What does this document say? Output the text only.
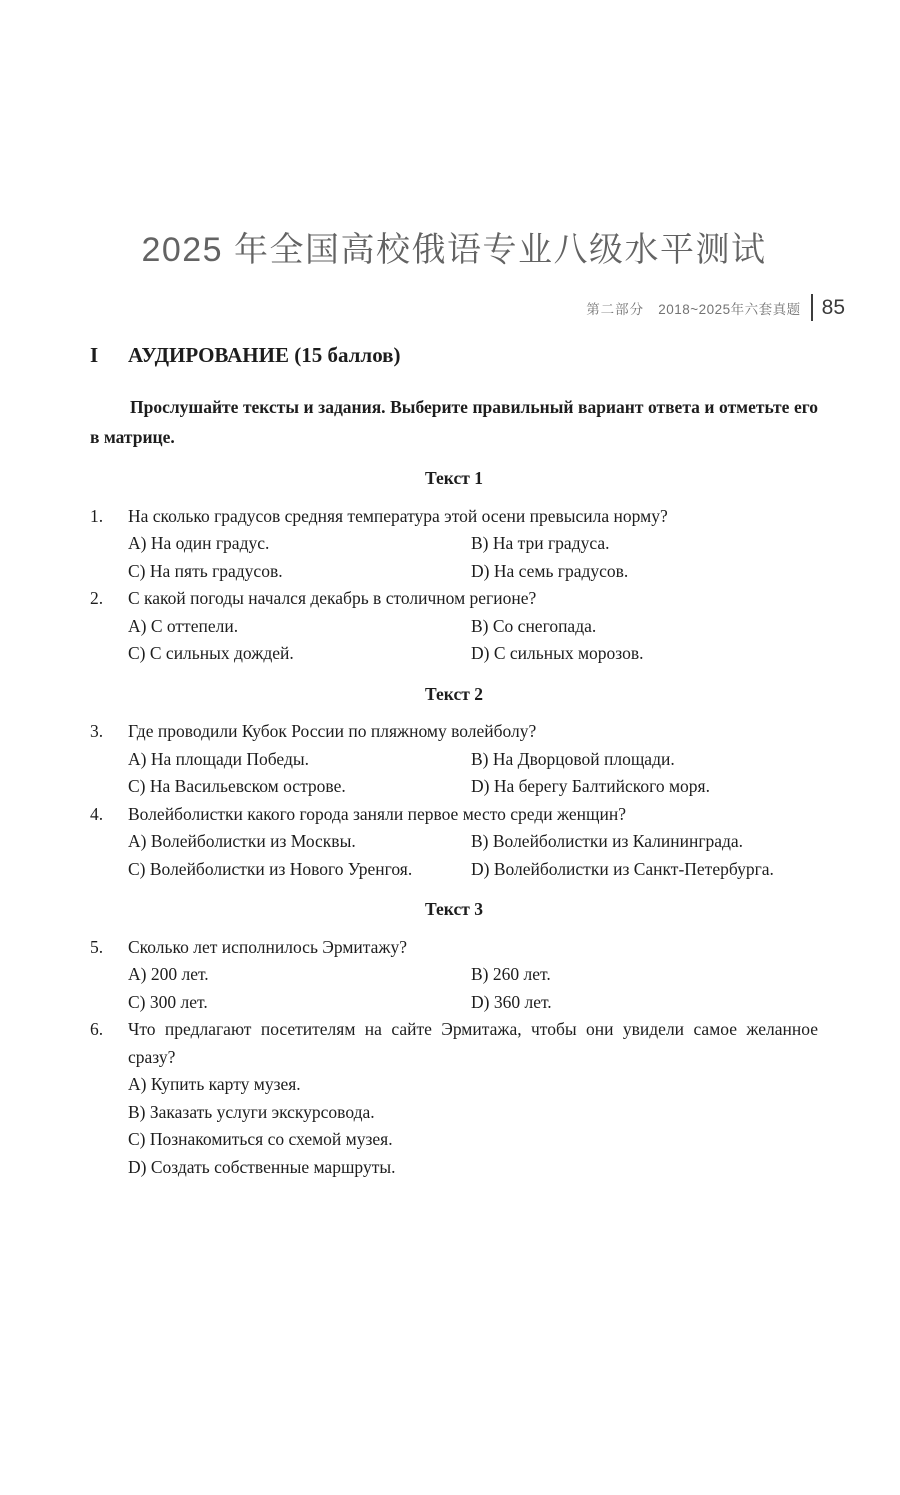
第二部分 2018~2025年六套真题 85
2025 年全国高校俄语专业八级水平测试
I	АУДИРОВАНИЕ (15 баллов)
Прослушайте тексты и задания. Выберите правильный вариант ответа и отметьте его в матрице.
Текст 1
1.	На сколько градусов средняя температура этой осени превысила норму?
A) На один градус.	B) На три градуса.
C) На пять градусов.	D) На семь градусов.
2.	С какой погоды начался декабрь в столичном регионе?
A) С оттепели.	B) Со снегопада.
C) С сильных дождей.	D) С сильных морозов.
Текст 2
3.	Где проводили Кубок России по пляжному волейболу?
A) На площади Победы.	B) На Дворцовой площади.
C) На Васильевском острове.	D) На берегу Балтийского моря.
4.	Волейболистки какого города заняли первое место среди женщин?
A) Волейболистки из Москвы.	B) Волейболистки из Калининграда.
C) Волейболистки из Нового Уренгоя.	D) Волейболистки из Санкт-Петербурга.
Текст 3
5.	Сколько лет исполнилось Эрмитажу?
A) 200 лет.	B) 260 лет.
C) 300 лет.	D) 360 лет.
6.	Что предлагают посетителям на сайте Эрмитажа, чтобы они увидели самое желанное сразу?
A) Купить карту музея.
B) Заказать услуги экскурсовода.
C) Познакомиться со схемой музея.
D) Создать собственные маршруты.
